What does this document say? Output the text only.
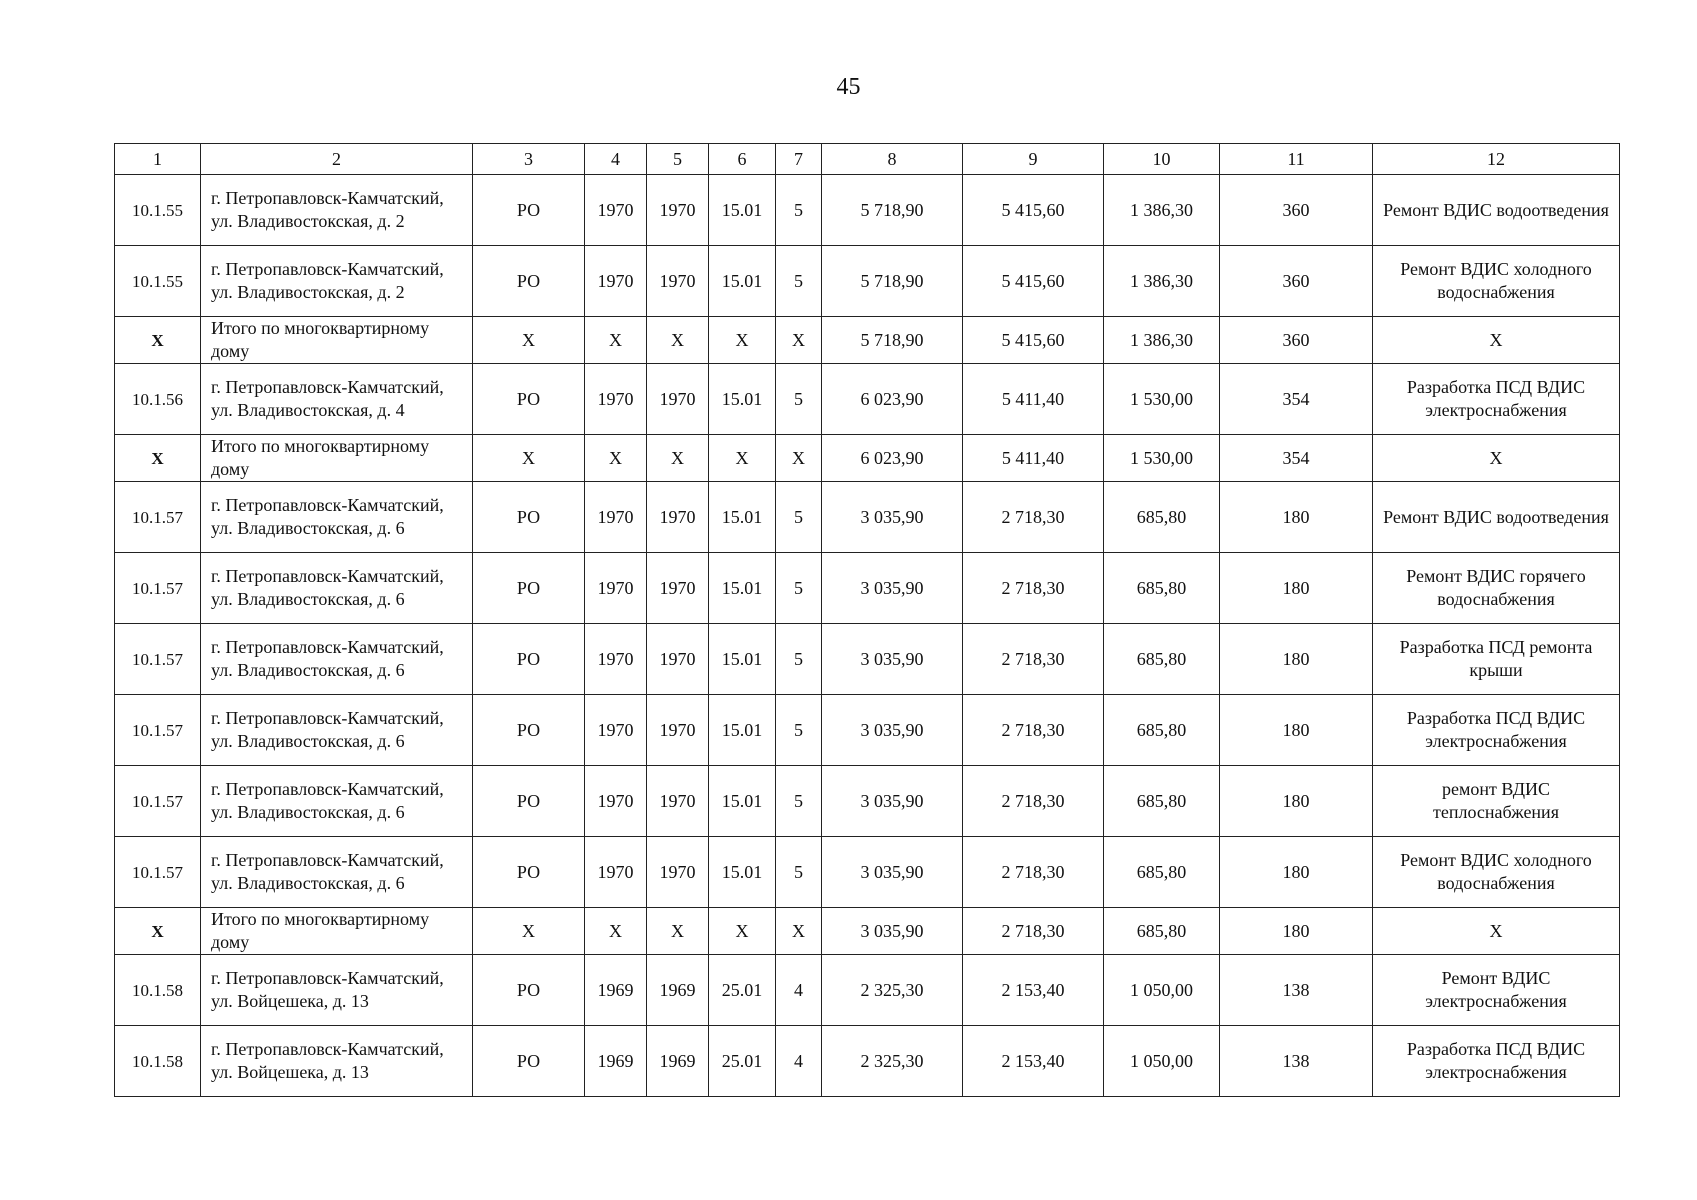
45
1	2	3	4	5	6	7	8	9	10	11	12
10.1.55	г. Петропавловск-Камчатский, ул. Владивостокская, д. 2	РО	1970	1970	15.01	5	5 718,90	5 415,60	1 386,30	360	Ремонт ВДИС водоотведения
10.1.55	г. Петропавловск-Камчатский, ул. Владивостокская, д. 2	РО	1970	1970	15.01	5	5 718,90	5 415,60	1 386,30	360	Ремонт ВДИС холодного водоснабжения
Х	Итого по многоквартирному дому	Х	Х	Х	Х	Х	5 718,90	5 415,60	1 386,30	360	Х
10.1.56	г. Петропавловск-Камчатский, ул. Владивостокская, д. 4	РО	1970	1970	15.01	5	6 023,90	5 411,40	1 530,00	354	Разработка ПСД ВДИС электроснабжения
Х	Итого по многоквартирному дому	Х	Х	Х	Х	Х	6 023,90	5 411,40	1 530,00	354	Х
10.1.57	г. Петропавловск-Камчатский, ул. Владивостокская, д. 6	РО	1970	1970	15.01	5	3 035,90	2 718,30	685,80	180	Ремонт ВДИС водоотведения
10.1.57	г. Петропавловск-Камчатский, ул. Владивостокская, д. 6	РО	1970	1970	15.01	5	3 035,90	2 718,30	685,80	180	Ремонт ВДИС горячего водоснабжения
10.1.57	г. Петропавловск-Камчатский, ул. Владивостокская, д. 6	РО	1970	1970	15.01	5	3 035,90	2 718,30	685,80	180	Разработка ПСД ремонта крыши
10.1.57	г. Петропавловск-Камчатский, ул. Владивостокская, д. 6	РО	1970	1970	15.01	5	3 035,90	2 718,30	685,80	180	Разработка ПСД ВДИС электроснабжения
10.1.57	г. Петропавловск-Камчатский, ул. Владивостокская, д. 6	РО	1970	1970	15.01	5	3 035,90	2 718,30	685,80	180	ремонт ВДИС теплоснабжения
10.1.57	г. Петропавловск-Камчатский, ул. Владивостокская, д. 6	РО	1970	1970	15.01	5	3 035,90	2 718,30	685,80	180	Ремонт ВДИС холодного водоснабжения
Х	Итого по многоквартирному дому	Х	Х	Х	Х	Х	3 035,90	2 718,30	685,80	180	Х
10.1.58	г. Петропавловск-Камчатский, ул. Войцешека, д. 13	РО	1969	1969	25.01	4	2 325,30	2 153,40	1 050,00	138	Ремонт ВДИС электроснабжения
10.1.58	г. Петропавловск-Камчатский, ул. Войцешека, д. 13	РО	1969	1969	25.01	4	2 325,30	2 153,40	1 050,00	138	Разработка ПСД ВДИС электроснабжения
